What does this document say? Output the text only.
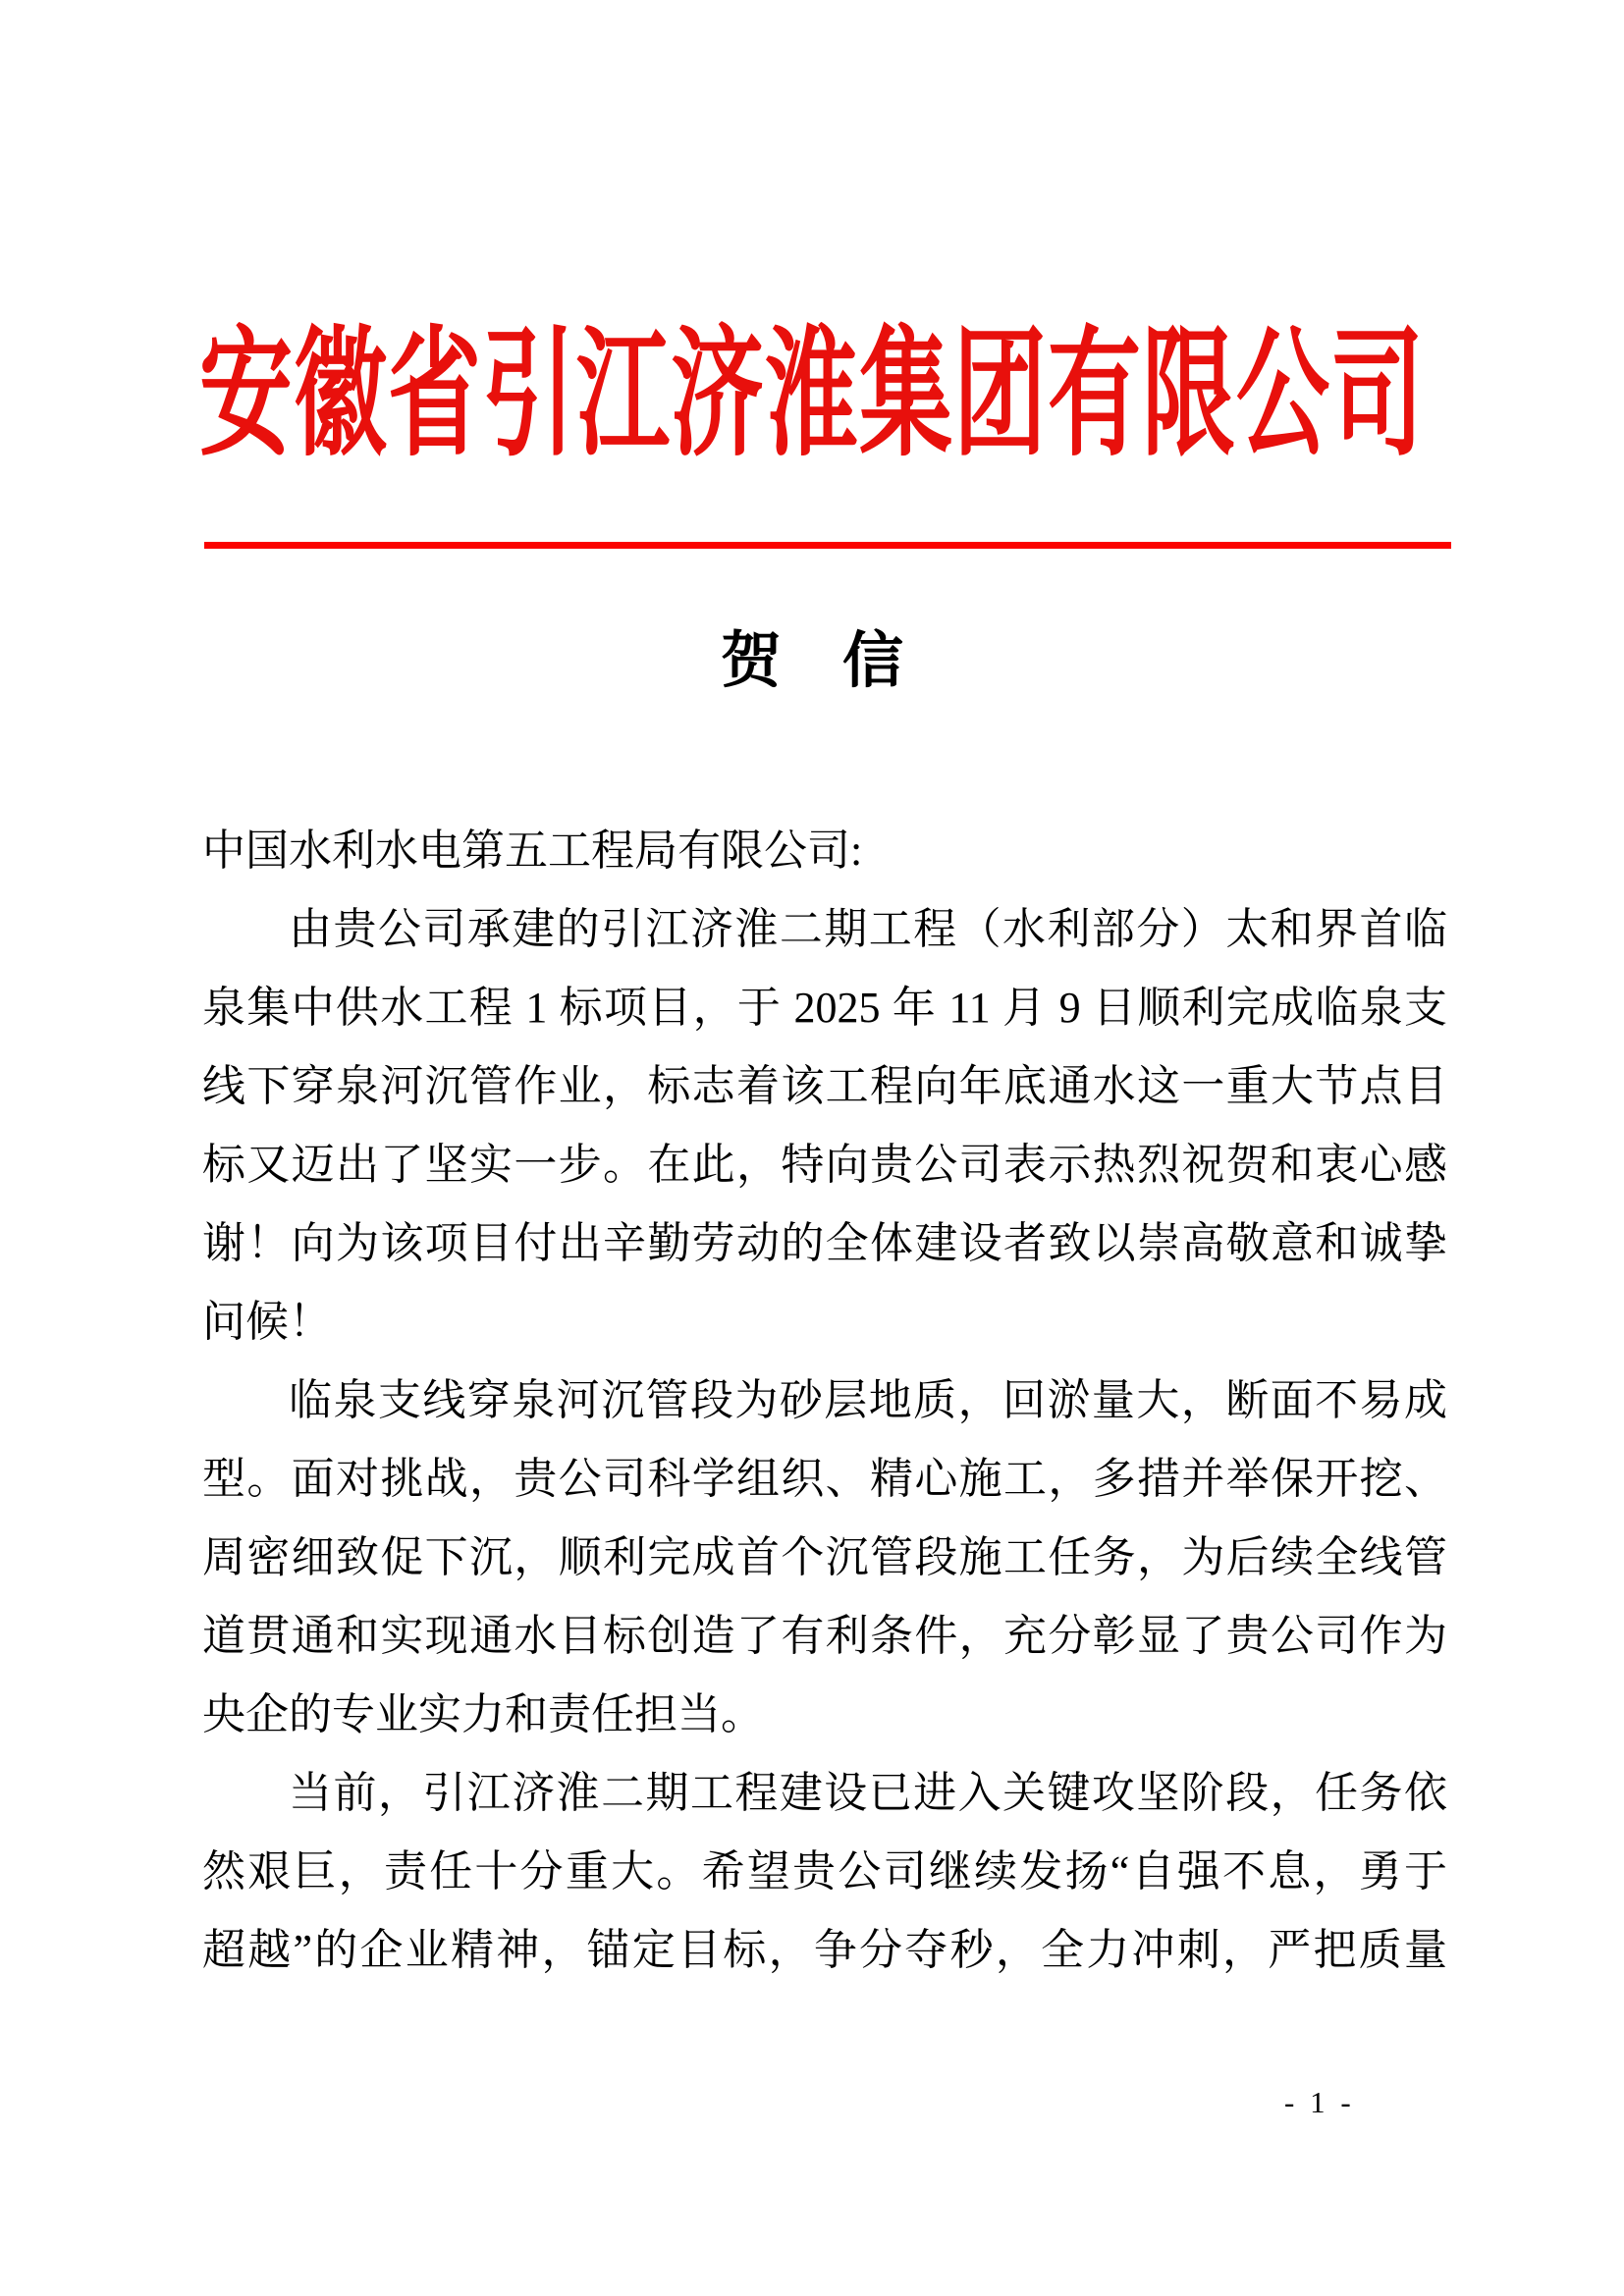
安徽省引江济淮集团有限公司
贺　信
中国水利水电第五工程局有限公司:
由贵公司承建的引江济淮二期工程（水利部分）太和界首临
泉集中供水工程 1 标项目，于 2025 年 11 月 9 日顺利完成临泉支
线下穿泉河沉管作业，标志着该工程向年底通水这一重大节点目
标又迈出了坚实一步。在此，特向贵公司表示热烈祝贺和衷心感
谢！向为该项目付出辛勤劳动的全体建设者致以崇高敬意和诚挚
问候！
临泉支线穿泉河沉管段为砂层地质，回淤量大，断面不易成
型。面对挑战，贵公司科学组织、精心施工，多措并举保开挖、
周密细致促下沉，顺利完成首个沉管段施工任务，为后续全线管
道贯通和实现通水目标创造了有利条件，充分彰显了贵公司作为
央企的专业实力和责任担当。
当前，引江济淮二期工程建设已进入关键攻坚阶段，任务依
然艰巨，责任十分重大。希望贵公司继续发扬“自强不息，勇于
超越”的企业精神，锚定目标，争分夺秒，全力冲刺，严把质量
- 1 -
